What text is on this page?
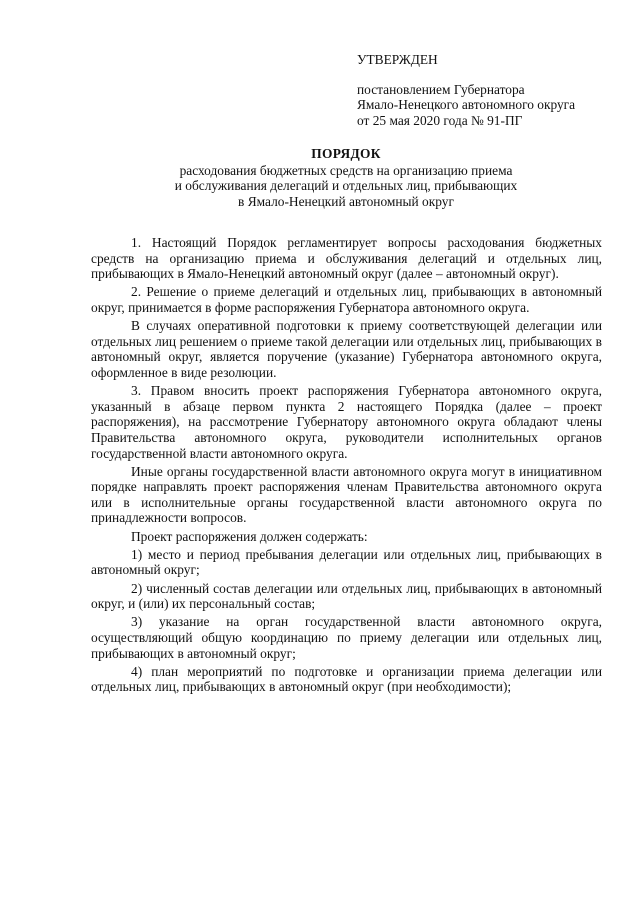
УТВЕРЖДЕН
постановлением Губернатора
Ямало-Ненецкого автономного округа
от 25 мая 2020 года № 91-ПГ
ПОРЯДОК
расходования бюджетных средств на организацию приема
и обслуживания делегаций и отдельных лиц, прибывающих
в Ямало-Ненецкий автономный округ

1. Настоящий Порядок регламентирует вопросы расходования бюджетных средств на организацию приема и обслуживания делегаций и отдельных лиц, прибывающих в Ямало-Ненецкий автономный округ (далее – автономный округ).

2. Решение о приеме делегаций и отдельных лиц, прибывающих в автономный округ, принимается в форме распоряжения Губернатора автономного округа.

В случаях оперативной подготовки к приему соответствующей делегации или отдельных лиц решением о приеме такой делегации или отдельных лиц, прибывающих в автономный округ, является поручение (указание) Губернатора автономного округа, оформленное в виде резолюции.

3. Правом вносить проект распоряжения Губернатора автономного округа, указанный в абзаце первом пункта 2 настоящего Порядка (далее – проект распоряжения), на рассмотрение Губернатору автономного округа обладают члены Правительства автономного округа, руководители исполнительных органов государственной власти автономного округа.

Иные органы государственной власти автономного округа могут в инициативном порядке направлять проект распоряжения членам Правительства автономного округа или в исполнительные органы государственной власти автономного округа по принадлежности вопросов.

Проект распоряжения должен содержать:

1) место и период пребывания делегации или отдельных лиц, прибывающих в автономный округ;

2) численный состав делегации или отдельных лиц, прибывающих в автономный округ, и (или) их персональный состав;

3) указание на орган государственной власти автономного округа, осуществляющий общую координацию по приему делегации или отдельных лиц, прибывающих в автономный округ;

4) план мероприятий по подготовке и организации приема делегации или отдельных лиц, прибывающих в автономный округ (при необходимости);
